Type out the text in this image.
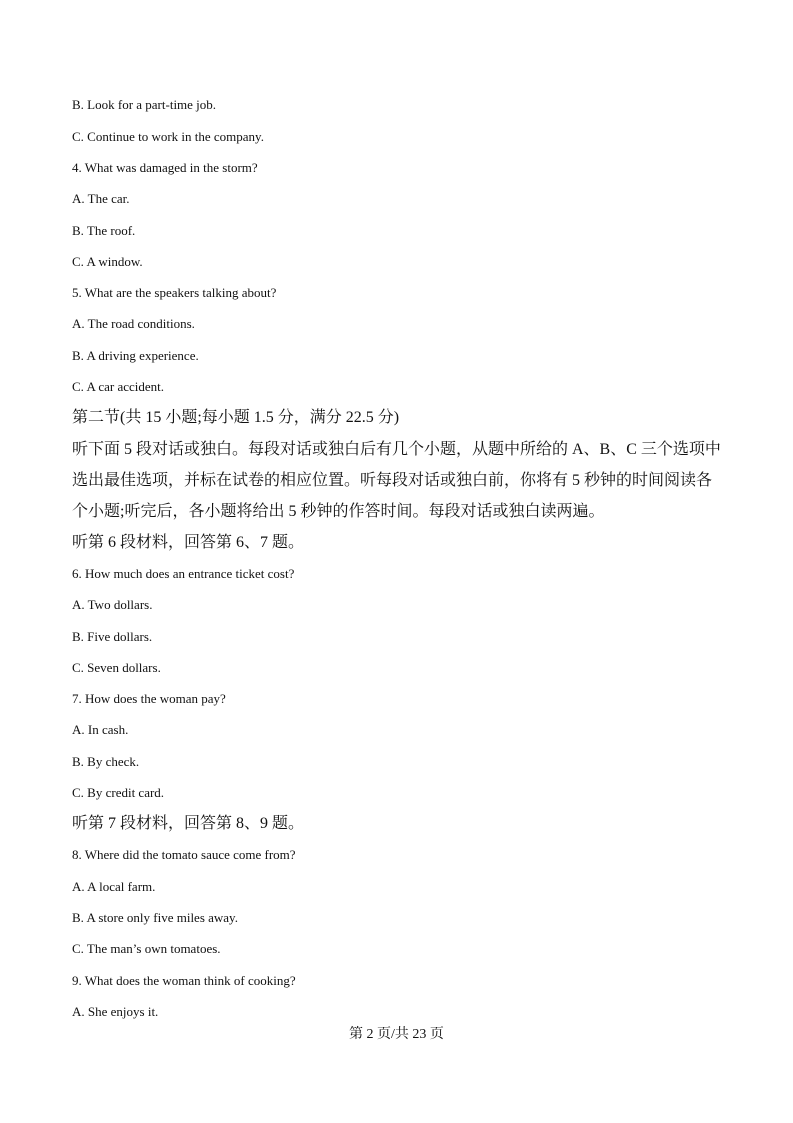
B. Look for a part-time job.
C. Continue to work in the company.
4. What was damaged in the storm?
A. The car.
B. The roof.
C. A window.
5. What are the speakers talking about?
A. The road conditions.
B. A driving experience.
C. A car accident.
第二节(共 15 小题;每小题 1.5 分，满分 22.5 分)
听下面 5 段对话或独白。每段对话或独白后有几个小题，从题中所给的 A、B、C 三个选项中
选出最佳选项，并标在试卷的相应位置。听每段对话或独白前，你将有 5 秒钟的时间阅读各
个小题;听完后，各小题将给出 5 秒钟的作答时间。每段对话或独白读两遍。
听第 6 段材料，回答第 6、7 题。
6. How much does an entrance ticket cost?
A. Two dollars.
B. Five dollars.
C. Seven dollars.
7. How does the woman pay?
A. In cash.
B. By check.
C. By credit card.
听第 7 段材料，回答第 8、9 题。
8. Where did the tomato sauce come from?
A. A local farm.
B. A store only five miles away.
C. The man’s own tomatoes.
9. What does the woman think of cooking?
A. She enjoys it.
第 2 页/共 23 页
